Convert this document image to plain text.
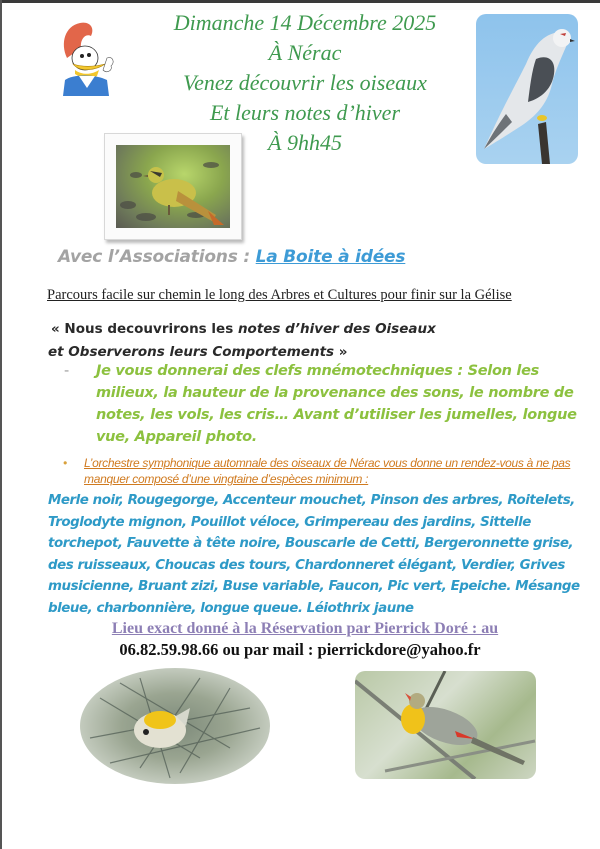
Dimanche 14 Décembre 2025
À Nérac
Venez découvrir les oiseaux
Et leurs notes d’hiver
À 9hh45
Avec l’Associations : La Boite à idées
Parcours facile sur chemin le long des Arbres et Cultures pour finir sur la Gélise
« Nous decouvrirons les notes d’hiver des Oiseaux
et Observerons leurs Comportements »
-	Je vous donnerai des clefs mnémotechniques : Selon les milieux, la hauteur de la provenance des sons, le nombre de notes, les vols, les cris… Avant d’utiliser les jumelles, longue vue, Appareil photo.
•	L’orchestre symphonique automnale des oiseaux de Nérac vous donne un rendez-vous à ne pas manquer composé d’une vingtaine d’espèces minimum :
Merle noir, Rougegorge, Accenteur mouchet, Pinson des arbres, Roitelets, Troglodyte mignon, Pouillot véloce, Grimpereau des jardins, Sittelle torchepot, Fauvette à tête noire, Bouscarle de Cetti, Bergeronnette grise, des ruisseaux, Choucas des tours, Chardonneret élégant, Verdier, Grives musicienne, Bruant zizi, Buse variable, Faucon, Pic vert, Epeiche. Mésange bleue, charbonnière, longue queue. Léiothrix jaune
Lieu exact donné à la Réservation par Pierrick Doré : au
06.82.59.98.66 ou par mail : pierrickdore@yahoo.fr
